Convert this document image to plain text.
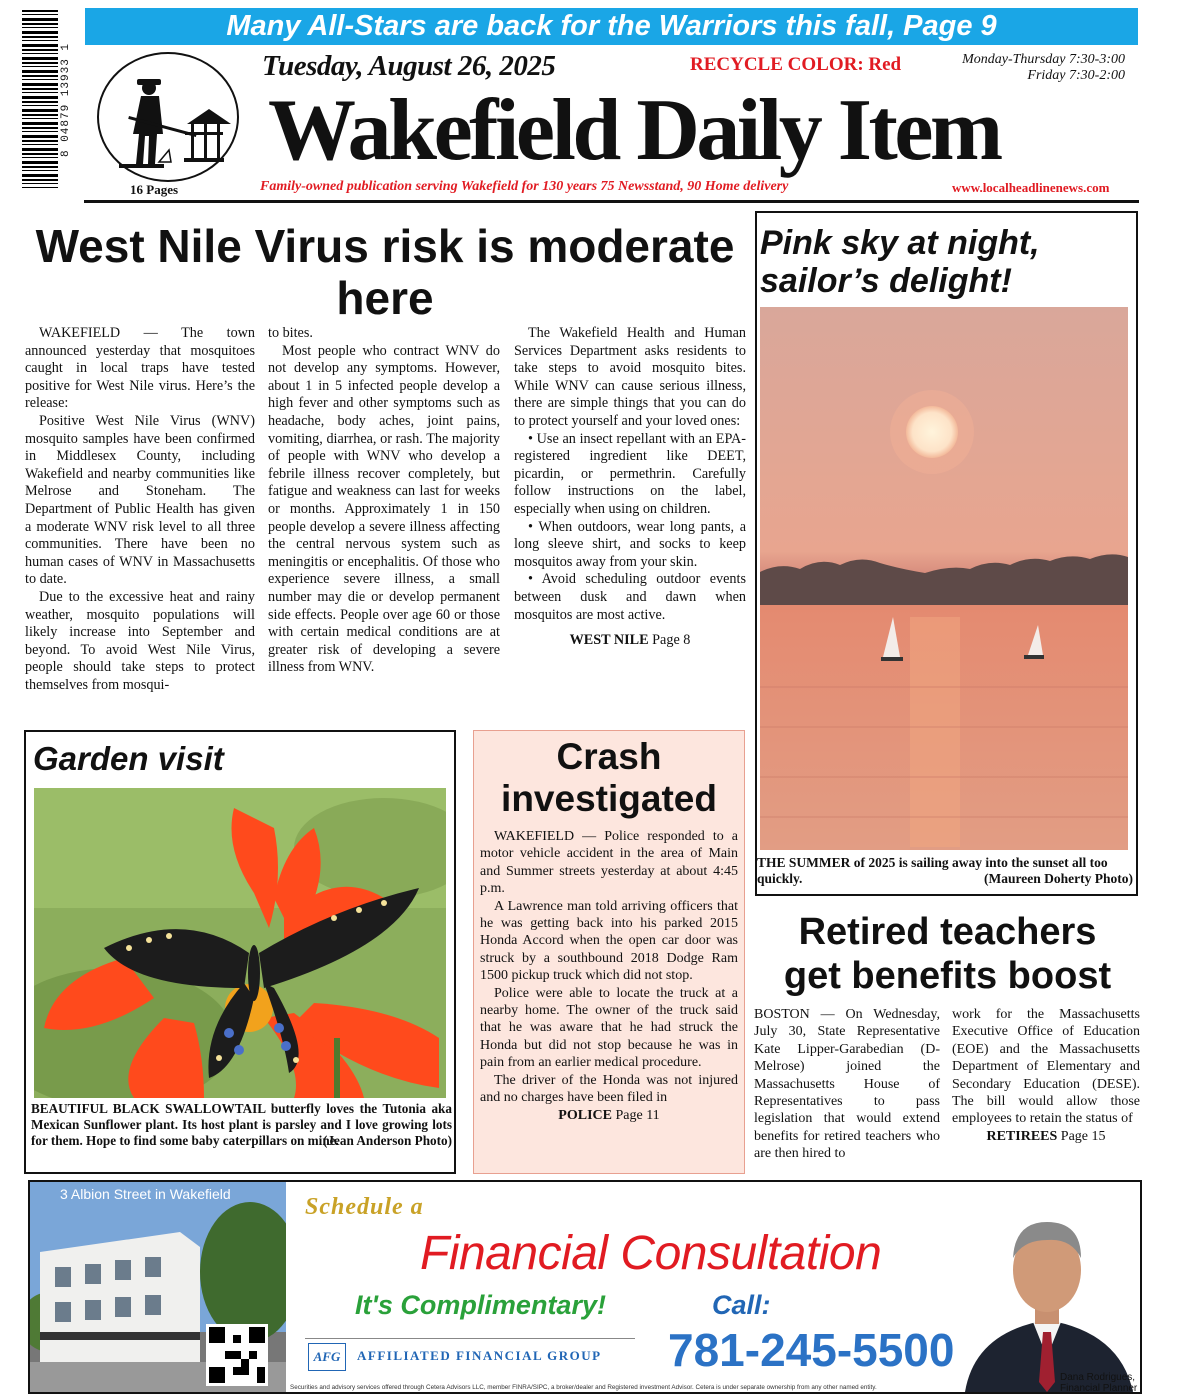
Many All-Stars are back for the Warriors this fall, Page 9
8 04879 13933 1
16 Pages
Tuesday, August 26, 2025	RECYCLE COLOR: Red	Monday-Thursday 7:30-3:00
Friday 7:30-2:00
Wakefield Daily Item
Family-owned publication serving Wakefield for 130 years 75 Newsstand, 90 Home delivery	www.localheadlinenews.com
West Nile Virus risk is moderate here

WAKEFIELD — The town announced yesterday that mosquitoes caught in local traps have tested positive for West Nile virus. Here’s the release:

Positive West Nile Virus (WNV) mosquito samples have been confirmed in Middlesex County, including Wakefield and nearby communities like Melrose and Stoneham. The Department of Public Health has given a moderate WNV risk level to all three communities. There have been no human cases of WNV in Massachusetts to date.

Due to the excessive heat and rainy weather, mosquito populations will likely increase into September and beyond. To avoid West Nile Virus, people should take steps to protect themselves from mosqui-

to bites.

Most people who contract WNV do not develop any symptoms. However, about 1 in 5 infected people develop a high fever and other symptoms such as headache, body aches, joint pains, vomiting, diarrhea, or rash. The majority of people with WNV who develop a febrile illness recover completely, but fatigue and weakness can last for weeks or months. Approximately 1 in 150 people develop a severe illness affecting the central nervous system such as meningitis or encephalitis. Of those who experience severe illness, a small number may die or develop permanent side effects. People over age 60 or those with certain medical conditions are at greater risk of developing a severe illness from WNV.

The Wakefield Health and Human Services Department asks residents to take steps to avoid mosquito bites. While WNV can cause serious illness, there are simple things that you can do to protect yourself and your loved ones:

• Use an insect repellant with an EPA-registered ingredient like DEET, picardin, or permethrin. Carefully follow instructions on the label, especially when using on children.

• When outdoors, wear long pants, a long sleeve shirt, and socks to keep mosquitos away from your skin.

• Avoid scheduling outdoor events between dusk and dawn when mosquitos are most active.

WEST NILE Page 8
Pink sky at night,
sailor’s delight!
THE SUMMER of 2025 is sailing away into the sunset all too quickly.	(Maureen Doherty Photo)
Garden visit
BEAUTIFUL BLACK SWALLOWTAIL butterfly loves the Tutonia aka Mexican Sunflower plant. Its host plant is parsley and I love growing lots for them. Hope to find some baby caterpillars on mine.
(Jean Anderson Photo)
Crash
investigated

WAKEFIELD — Police responded to a motor vehicle accident in the area of Main and Summer streets yesterday at about 4:45 p.m.

A Lawrence man told arriving officers that he was getting back into his parked 2015 Honda Accord when the open car door was struck by a southbound 2018 Dodge Ram 1500 pickup truck which did not stop.

Police were able to locate the truck at a nearby home. The owner of the truck said that he was aware that he had struck the Honda but did not stop because he was in pain from an earlier medical procedure.

The driver of the Honda was not injured and no charges have been filed in

POLICE Page 11
Retired teachers
get benefits boost
BOSTON — On Wednesday, July 30, State Representative Kate Lipper-Garabedian (D-Melrose) joined the Massachusetts House of Representatives to pass legislation that would extend benefits for retired teachers who are then hired to
work for the Massachusetts Executive Office of Education (EOE) and the Massachusetts Department of Elementary and Secondary Education (DESE). The bill would allow those employees to retain the status of
RETIREES Page 15
3 Albion Street in Wakefield	Schedule a
Financial Consultation
It's Complimentary!	Call:
AFG	AFFILIATED FINANCIAL GROUP 781-245-5500
Dana Rodrigues,
Financial Planner
Securities and advisory services offered through Cetera Advisors LLC, member FINRA/SIPC, a broker/dealer and Registered investment Advisor. Cetera is under separate ownership from any other named entity.
